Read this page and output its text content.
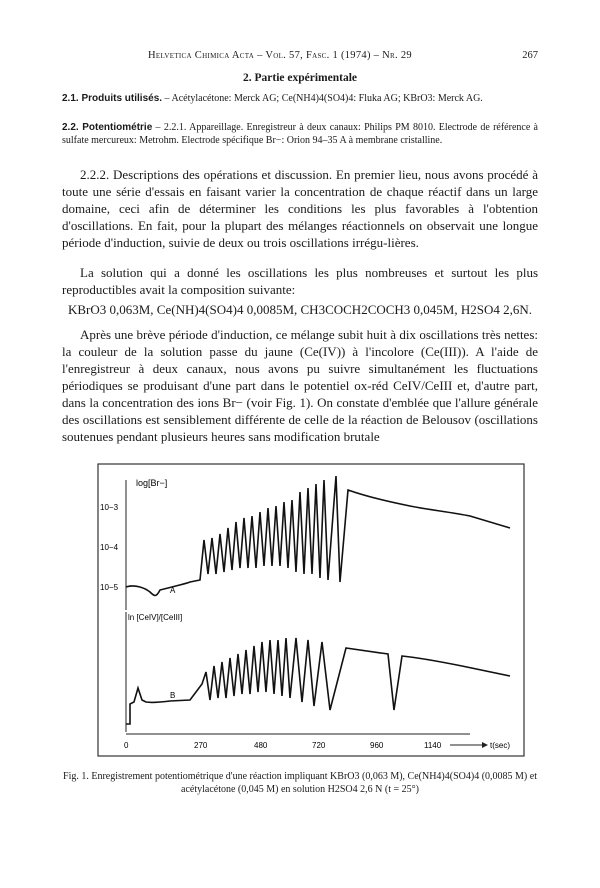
Helvetica Chimica Acta – Vol. 57, Fasc. 1 (1974) – Nr. 29	267
2. Partie expérimentale
2.1. Produits utilisés. – Acétylacétone: Merck AG; Ce(NH4)4(SO4)4: Fluka AG; KBrO3: Merck AG.
2.2. Potentiométrie – 2.2.1. Appareillage. Enregistreur à deux canaux: Philips PM 8010. Electrode de référence à sulfate mercureux: Metrohm. Electrode spécifique Br−: Orion 94–35 A à membrane cristalline.
2.2.2. Descriptions des opérations et discussion. En premier lieu, nous avons procédé à toute une série d'essais en faisant varier la concentration de chaque réactif dans un large domaine, ceci afin de déterminer les conditions les plus favorables à l'obtention d'oscillations. En fait, pour la plupart des mélanges réactionnels on observait une longue période d'induction, suivie de deux ou trois oscillations irrégu-lières.
La solution qui a donné les oscillations les plus nombreuses et surtout les plus reproductibles avait la composition suivante:
KBrO3 0,063M, Ce(NH)4(SO4)4 0,0085M, CH3COCH2COCH3 0,045M, H2SO4 2,6N.
Après une brève période d'induction, ce mélange subit huit à dix oscillations très nettes: la couleur de la solution passe du jaune (Ce(IV)) à l'incolore (Ce(III)). A l'aide de l'enregistreur à deux canaux, nous avons pu suivre simultanément les fluctuations périodiques se produisant d'une part dans le potentiel ox-réd CeIV/CeIII et, d'autre part, dans la concentration des ions Br− (voir Fig. 1). On constate d'emblée que l'allure générale des oscillations est sensiblement différente de celle de la réaction de Belousov (oscillations soutenues pendant plusieurs heures sans modification brutale
log[Br−]
ln [CeIV]/[CeIII]
10−3
10−4
10−5	A
B
0	270	480	720	960	1140	t(sec)
Fig. 1. Enregistrement potentiométrique d'une réaction impliquant KBrO3 (0,063 M), Ce(NH4)4(SO4)4 (0,0085 M) et acétylacétone (0,045 M) en solution H2SO4 2,6 N (t = 25°)
